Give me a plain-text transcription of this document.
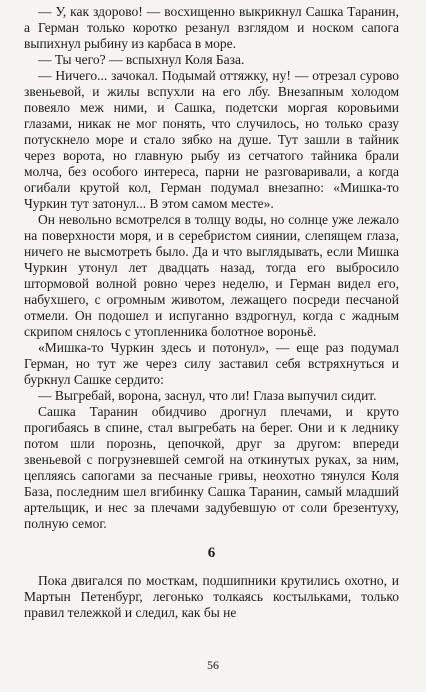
— У, как здорово! — восхищенно выкрикнул Сашка Таранин, а Герман только коротко резанул взглядом и носком сапога выпихнул рыбину из карбаса в море.

— Ты чего? — вспыхнул Коля База.

— Ничего... зачокал. Подымай оттяжку, ну! — отрезал сурово звеньевой, и жилы вспухли на его лбу. Внезапным холодом повеяло меж ними, и Сашка, подетски моргая коровьими глазами, никак не мог понять, что случилось, но только сразу потускнело море и стало зябко на душе. Тут зашли в тайник через ворота, но главную рыбу из сетчатого тайника брали молча, без особого интереса, парни не разговаривали, а когда огибали крутой кол, Герман подумал внезапно: «Мишка-то Чуркин тут затонул... В этом самом месте».

Он невольно всмотрелся в толщу воды, но солнце уже лежало на поверхности моря, и в серебристом сиянии, слепящем глаза, ничего не высмотреть было. Да и что выглядывать, если Мишка Чуркин утонул лет двадцать назад, тогда его выбросило штормовой волной ровно через неделю, и Герман видел его, набухшего, с огромным животом, лежащего посреди песчаной отмели. Он подошел и испуганно вздрогнул, когда с жадным скрипом снялось с утопленника болотное вороньё.

«Мишка-то Чуркин здесь и потонул», — еще раз подумал Герман, но тут же через силу заставил себя встряхнуться и буркнул Сашке сердито:

— Выгребай, ворона, заснул, что ли! Глаза выпучил сидит.

Сашка Таранин обидчиво дрогнул плечами, и круто прогибаясь в спине, стал выгребать на берег. Они и к леднику потом шли порознь, цепочкой, друг за другом: впереди звеньевой с погрузневшей семгой на откинутых руках, за ним, цепляясь сапогами за песчаные гривы, неохотно тянулся Коля База, последним шел вгибинку Сашка Таранин, самый младший артельщик, и нес за плечами задубевшую от соли брезентуху, полную семог.

6

Пока двигался по мосткам, подшипники крутились охотно, и Мартын Петенбург, легонько толкаясь костыльками, только правил тележкой и следил, как бы не

56
